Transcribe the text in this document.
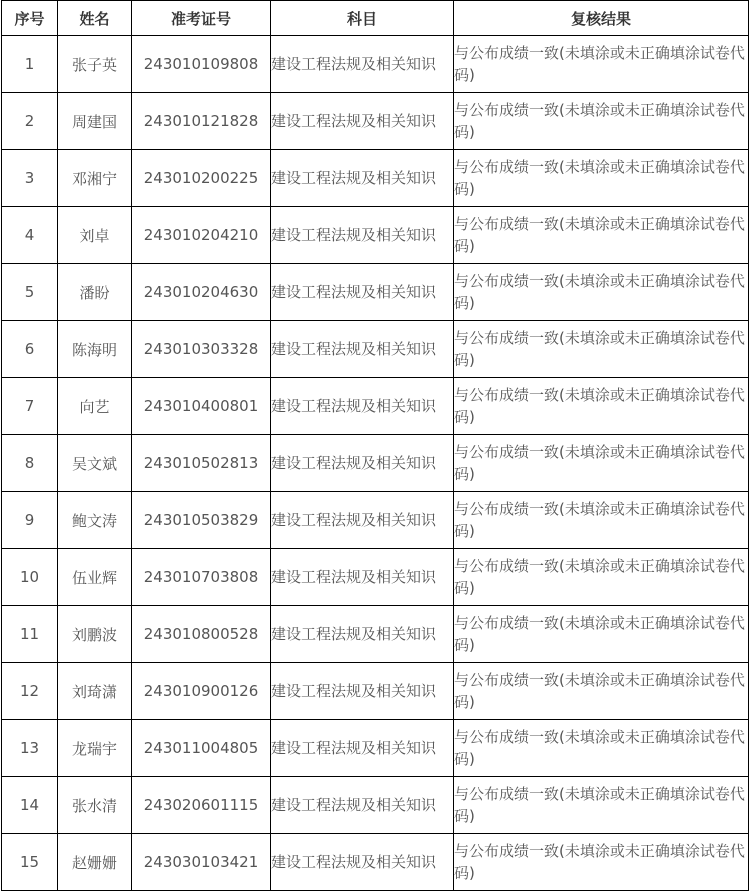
序号	姓名	准考证号	科目	复核结果
1	张子英	243010109808	建设工程法规及相关知识	与公布成绩一致(未填涂或未正确填涂试卷代码)
2	周建国	243010121828	建设工程法规及相关知识	与公布成绩一致(未填涂或未正确填涂试卷代码)
3	邓湘宁	243010200225	建设工程法规及相关知识	与公布成绩一致(未填涂或未正确填涂试卷代码)
4	刘卓	243010204210	建设工程法规及相关知识	与公布成绩一致(未填涂或未正确填涂试卷代码)
5	潘盼	243010204630	建设工程法规及相关知识	与公布成绩一致(未填涂或未正确填涂试卷代码)
6	陈海明	243010303328	建设工程法规及相关知识	与公布成绩一致(未填涂或未正确填涂试卷代码)
7	向艺	243010400801	建设工程法规及相关知识	与公布成绩一致(未填涂或未正确填涂试卷代码)
8	吴文斌	243010502813	建设工程法规及相关知识	与公布成绩一致(未填涂或未正确填涂试卷代码)
9	鲍文涛	243010503829	建设工程法规及相关知识	与公布成绩一致(未填涂或未正确填涂试卷代码)
10	伍业辉	243010703808	建设工程法规及相关知识	与公布成绩一致(未填涂或未正确填涂试卷代码)
11	刘鹏波	243010800528	建设工程法规及相关知识	与公布成绩一致(未填涂或未正确填涂试卷代码)
12	刘琦潇	243010900126	建设工程法规及相关知识	与公布成绩一致(未填涂或未正确填涂试卷代码)
13	龙瑞宇	243011004805	建设工程法规及相关知识	与公布成绩一致(未填涂或未正确填涂试卷代码)
14	张水清	243020601115	建设工程法规及相关知识	与公布成绩一致(未填涂或未正确填涂试卷代码)
15	赵姗姗	243030103421	建设工程法规及相关知识	与公布成绩一致(未填涂或未正确填涂试卷代码)
